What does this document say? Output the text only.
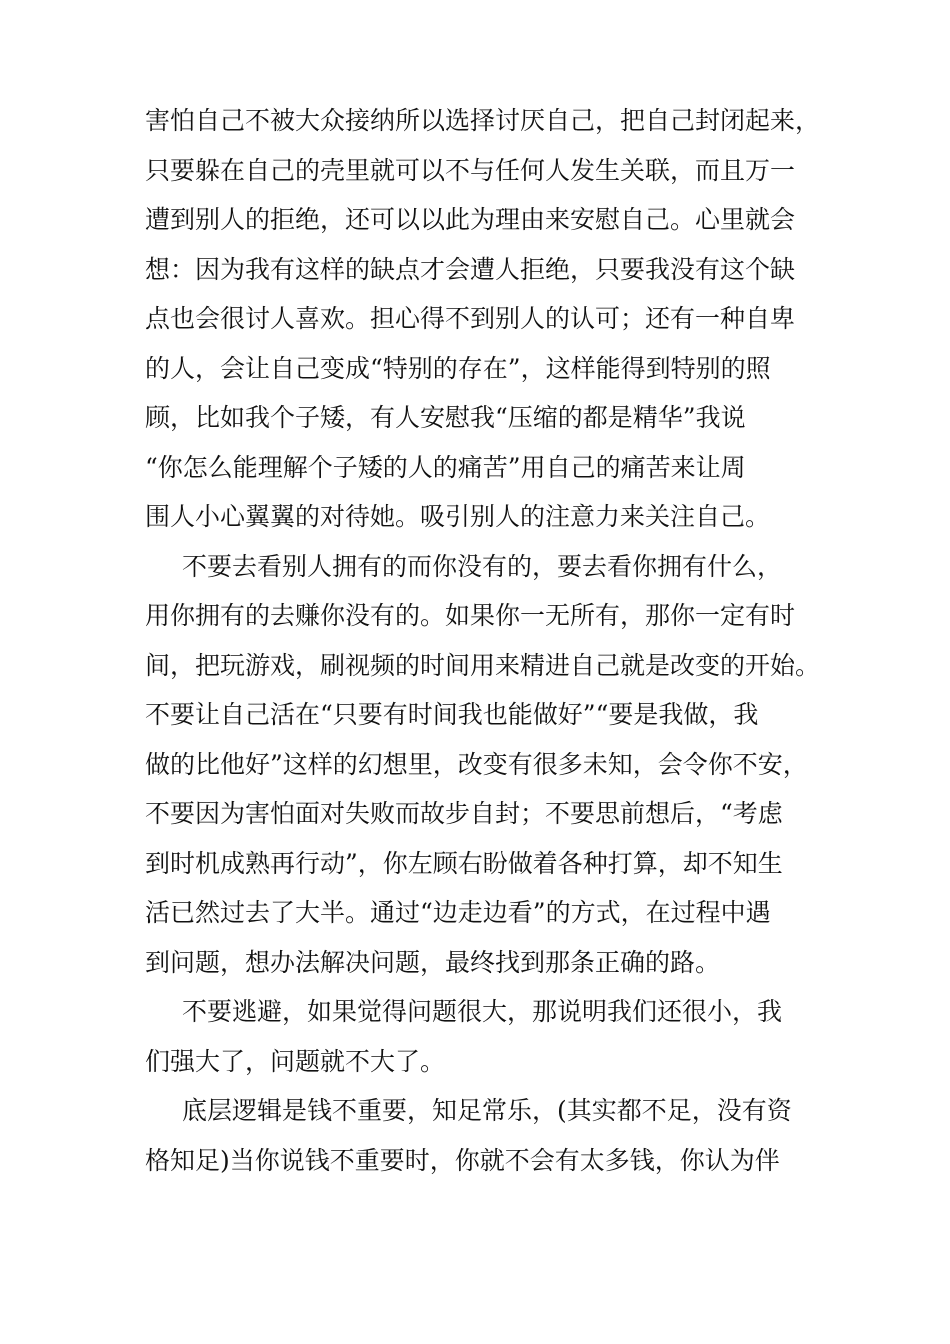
害怕自己不被大众接纳所以选择讨厌自己，把自己封闭起来，
只要躲在自己的壳里就可以不与任何人发生关联，而且万一
遭到别人的拒绝，还可以以此为理由来安慰自己。心里就会
想：因为我有这样的缺点才会遭人拒绝，只要我没有这个缺
点也会很讨人喜欢。担心得不到别人的认可；还有一种自卑
的人，会让自己变成“特别的存在”，这样能得到特别的照
顾，比如我个子矮，有人安慰我“压缩的都是精华”我说
“你怎么能理解个子矮的人的痛苦”用自己的痛苦来让周
围人小心翼翼的对待她。吸引别人的注意力来关注自己。
不要去看别人拥有的而你没有的，要去看你拥有什么，
用你拥有的去赚你没有的。如果你一无所有，那你一定有时
间，把玩游戏，刷视频的时间用来精进自己就是改变的开始。
不要让自己活在“只要有时间我也能做好”“要是我做，我
做的比他好”这样的幻想里，改变有很多未知，会令你不安，
不要因为害怕面对失败而故步自封；不要思前想后，“考虑
到时机成熟再行动”，你左顾右盼做着各种打算，却不知生
活已然过去了大半。通过“边走边看”的方式，在过程中遇
到问题，想办法解决问题，最终找到那条正确的路。
不要逃避，如果觉得问题很大，那说明我们还很小，我
们强大了，问题就不大了。
底层逻辑是钱不重要，知足常乐，(其实都不足，没有资
格知足)当你说钱不重要时，你就不会有太多钱，你认为伴
